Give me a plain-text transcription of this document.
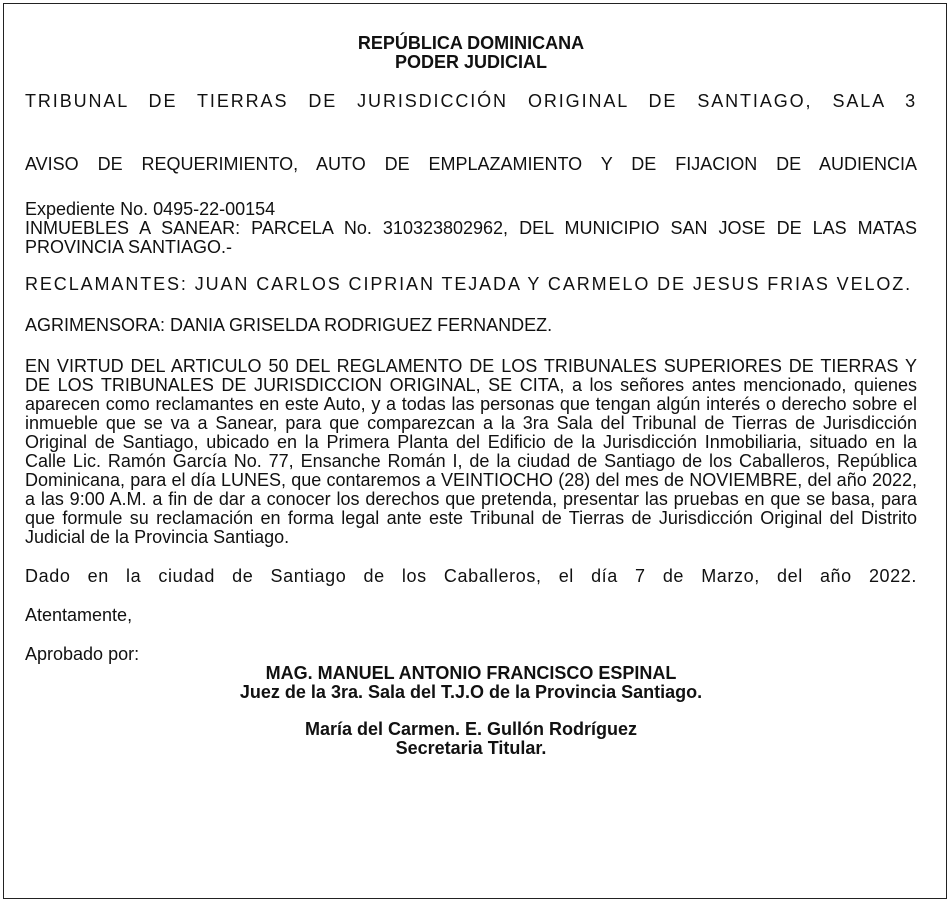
REPÚBLICA DOMINICANA
PODER JUDICIAL

TRIBUNAL DE TIERRAS DE JURISDICCIÓN ORIGINAL DE SANTIAGO, SALA 3

AVISO DE REQUERIMIENTO, AUTO DE EMPLAZAMIENTO Y DE FIJACION DE AUDIENCIA

Expediente No. 0495-22-00154

INMUEBLES A SANEAR: PARCELA No. 310323802962, DEL MUNICIPIO SAN JOSE DE LAS MATAS PROVINCIA SANTIAGO.-

RECLAMANTES: JUAN CARLOS CIPRIAN TEJADA Y CARMELO DE JESUS FRIAS VELOZ.

AGRIMENSORA: DANIA GRISELDA RODRIGUEZ FERNANDEZ.

EN VIRTUD DEL ARTICULO 50 DEL REGLAMENTO DE LOS TRIBUNALES SUPERIORES DE TIERRAS Y DE LOS TRIBUNALES DE JURISDICCION ORIGINAL, SE CITA, a los señores antes mencionado, quienes aparecen como reclamantes en este Auto, y a todas las personas que tengan algún interés o derecho sobre el inmueble que se va a Sanear, para que comparezcan a la 3ra Sala del Tribunal de Tierras de Jurisdicción Original de Santiago, ubicado en la Primera Planta del Edificio de la Jurisdicción Inmobiliaria, situado en la Calle Lic. Ramón García No. 77, Ensanche Román I, de la ciudad de Santiago de los Caballeros, República Dominicana, para el día LUNES, que contaremos a VEINTIOCHO (28) del mes de NOVIEMBRE, del año 2022, a las 9:00 A.M. a fin de dar a conocer los derechos que pretenda, presentar las pruebas en que se basa, para que formule su reclamación en forma legal ante este Tribunal de Tierras de Jurisdicción Original del Distrito Judicial de la Provincia Santiago.

Dado en la ciudad de Santiago de los Caballeros, el día 7 de Marzo, del año 2022.

Atentamente,

Aprobado por:

MAG. MANUEL ANTONIO FRANCISCO ESPINAL
Juez de la 3ra. Sala del T.J.O de la Provincia Santiago.
María del Carmen. E. Gullón Rodríguez
Secretaria Titular.
